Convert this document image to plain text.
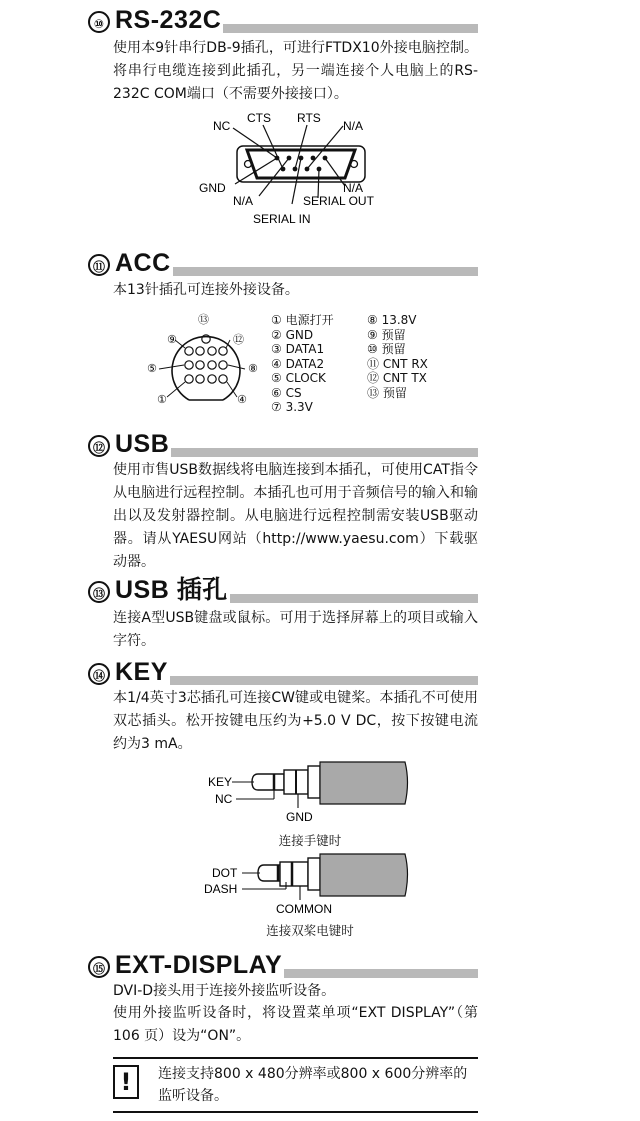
⑩ RS-232C
使用本9针串行DB-9插孔，可进行FTDX10外接电脑控制。将串行电缆连接到此插孔，另一端连接个人电脑上的RS-232C COM端口（不需要外接接口）。
NC
CTS RTS
N/A
GND
N/A
N/A
SERIAL OUT
SERIAL IN
⑪ ACC
本13针插孔可连接外接设备。
⑬
⑨	⑫
⑤	⑧
①	④
① 电源打开
② GND
③ DATA1
④ DATA2
⑤ CLOCK
⑥ CS
⑦ 3.3V
⑧ 13.8V
⑨ 预留
⑩ 预留
⑪ CNT RX
⑫ CNT TX
⑬ 预留
⑫ USB
使用市售USB数据线将电脑连接到本插孔，可使用CAT指令从电脑进行远程控制。本插孔也可用于音频信号的输入和输出以及发射器控制。从电脑进行远程控制需安装USB驱动器。请从YAESU网站（http://www.yaesu.com）下载驱动器。
⑬ USB 插孔
连接A型USB键盘或鼠标。可用于选择屏幕上的项目或输入字符。
⑭ KEY
本1/4英寸3芯插孔可连接CW键或电键桨。本插孔不可使用双芯插头。松开按键电压约为+5.0 V DC，按下按键电流约为3 mA。
KEY
NC
GND
连接手键时
DOT
DASH
COMMON
连接双桨电键时
⑮ EXT-DISPLAY
DVI-D接头用于连接外接监听设备。
使用外接监听设备时，将设置菜单项“EXT DISPLAY”（第 106 页）设为“ON”。
!	连接支持800 x 480分辨率或800 x 600分辨率的监听设备。
